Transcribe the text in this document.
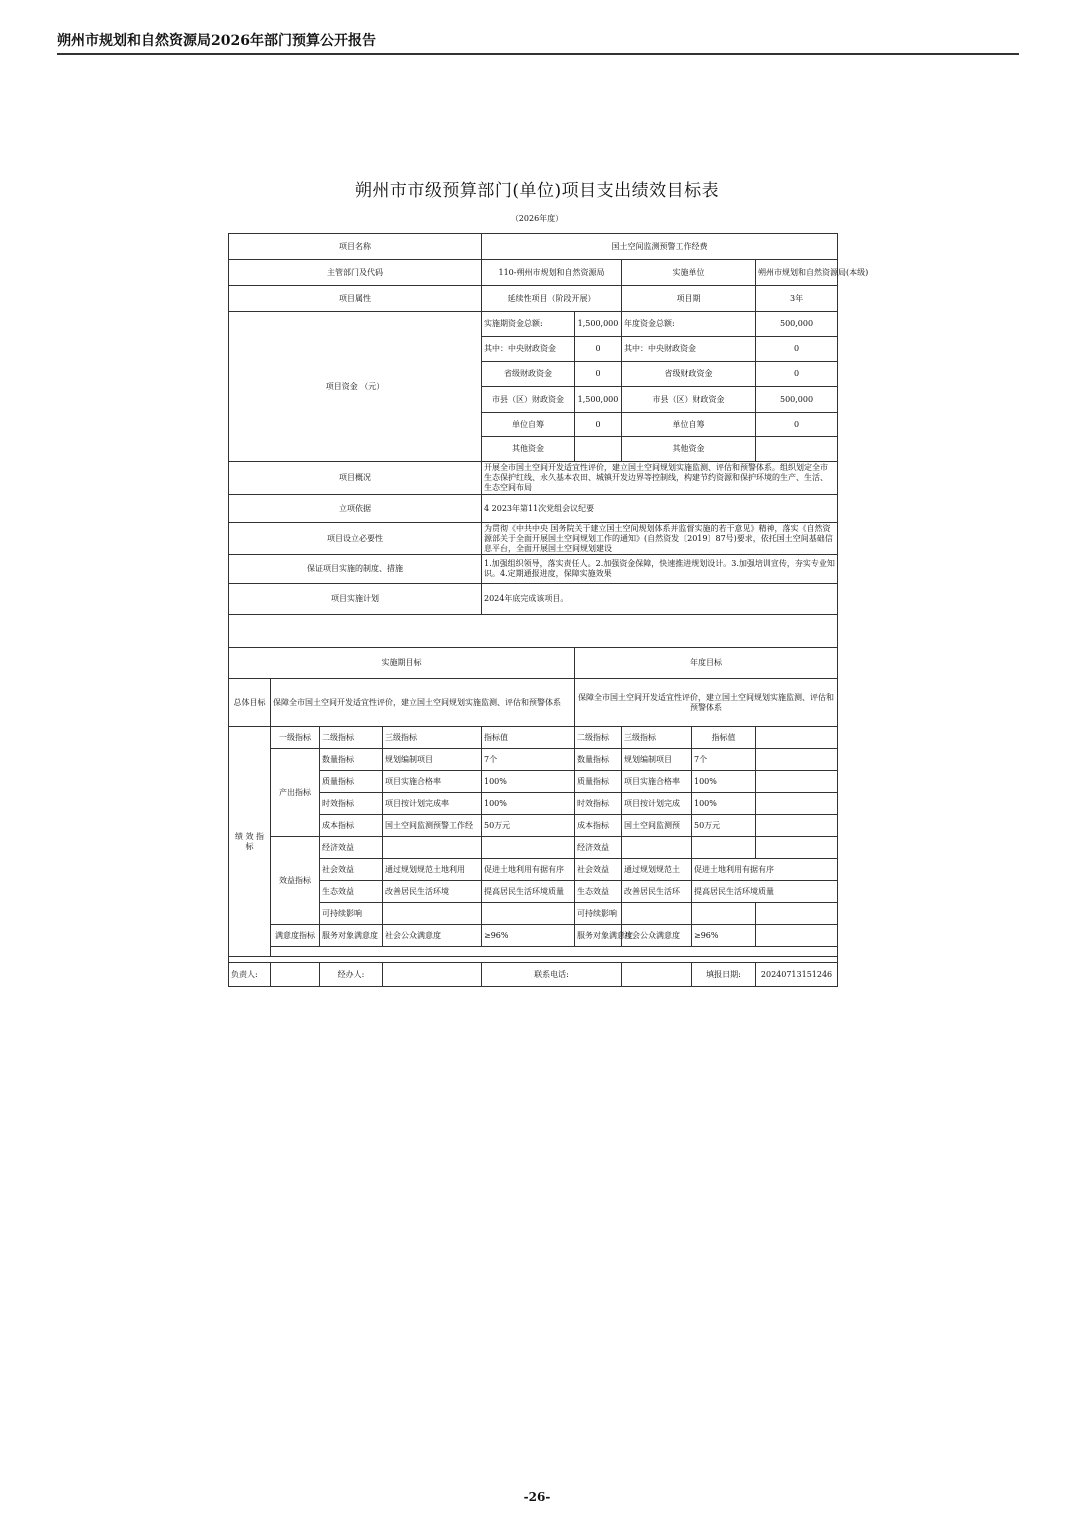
朔州市规划和自然资源局2026年部门预算公开报告
朔州市市级预算部门(单位)项目支出绩效目标表
（2026年度）
项目名称				国土空间监测预警工作经费				
主管部门及代码				110-朔州市规划和自然资源局		实施单位		朔州市规划和自然资源局(本级)
项目属性				延续性项目（阶段开展）		项目期		3年
项目资金 （元）				实施期资金总额:	1,500,000	年度资金总额:		500,000
				其中：中央财政资金	0	其中：中央财政资金		0
				省级财政资金	0	省级财政资金		0
				市县（区）财政资金	1,500,000	市县（区）财政资金		500,000
				单位自筹	0	单位自筹		0
				其他资金		其他资金		
项目概况				开展全市国土空间开发适宜性评价，建立国土空间规划实施监测、评估和预警体系。组织划定全市生态保护红线、永久基本农田、城镇开发边界等控制线，构建节约资源和保护环境的生产、生活、生态空间布局				
立项依据				4 2023年第11次党组会议纪要				
项目设立必要性				为贯彻《中共中央 国务院关于建立国土空间规划体系并监督实施的若干意见》精神，落实《自然资源部关于全面开展国土空间规划工作的通知》(自然资发〔2019〕87号)要求，依托国土空间基础信息平台，全面开展国土空间规划建设				
保证项目实施的制度、措施				1.加强组织领导，落实责任人。2.加强资金保障，快速推进规划设计。3.加强培训宣传，夯实专业知识。4.定期通报进度，保障实施效果				
项目实施计划				2024年底完成该项目。				

实施期目标					年度目标			
总体目标	保障全市国土空间开发适宜性评价，建立国土空间规划实施监测、评估和预警体系				保障全市国土空间开发适宜性评价，建立国土空间规划实施监测、评估和预警体系			
绩 效 指 标	一级指标	二级指标	三级指标	指标值	二级指标	三级指标	指标值	
	产出指标	数量指标	规划编制项目	7个	数量指标	规划编制项目	7个	
		质量指标	项目实施合格率	100%	质量指标	项目实施合格率	100%	
		时效指标	项目按计划完成率	100%	时效指标	项目按计划完成	100%	
		成本指标	国土空间监测预警工作经	50万元	成本指标	国土空间监测预	50万元	
	效益指标	经济效益			经济效益			
		社会效益	通过规划规范土地利用	促进土地利用有据有序	社会效益	通过规划规范土	促进土地利用有据有序	
		生态效益	改善居民生活环境	提高居民生活环境质量	生态效益	改善居民生活环	提高居民生活环境质量	
		可持续影响			可持续影响			
	满意度指标	服务对象满意度	社会公众满意度	≥96%	服务对象满意度	社会公众满意度	≥96%	

负责人:		经办人:		联系电话:			填报日期:	20240713151246
-26-
